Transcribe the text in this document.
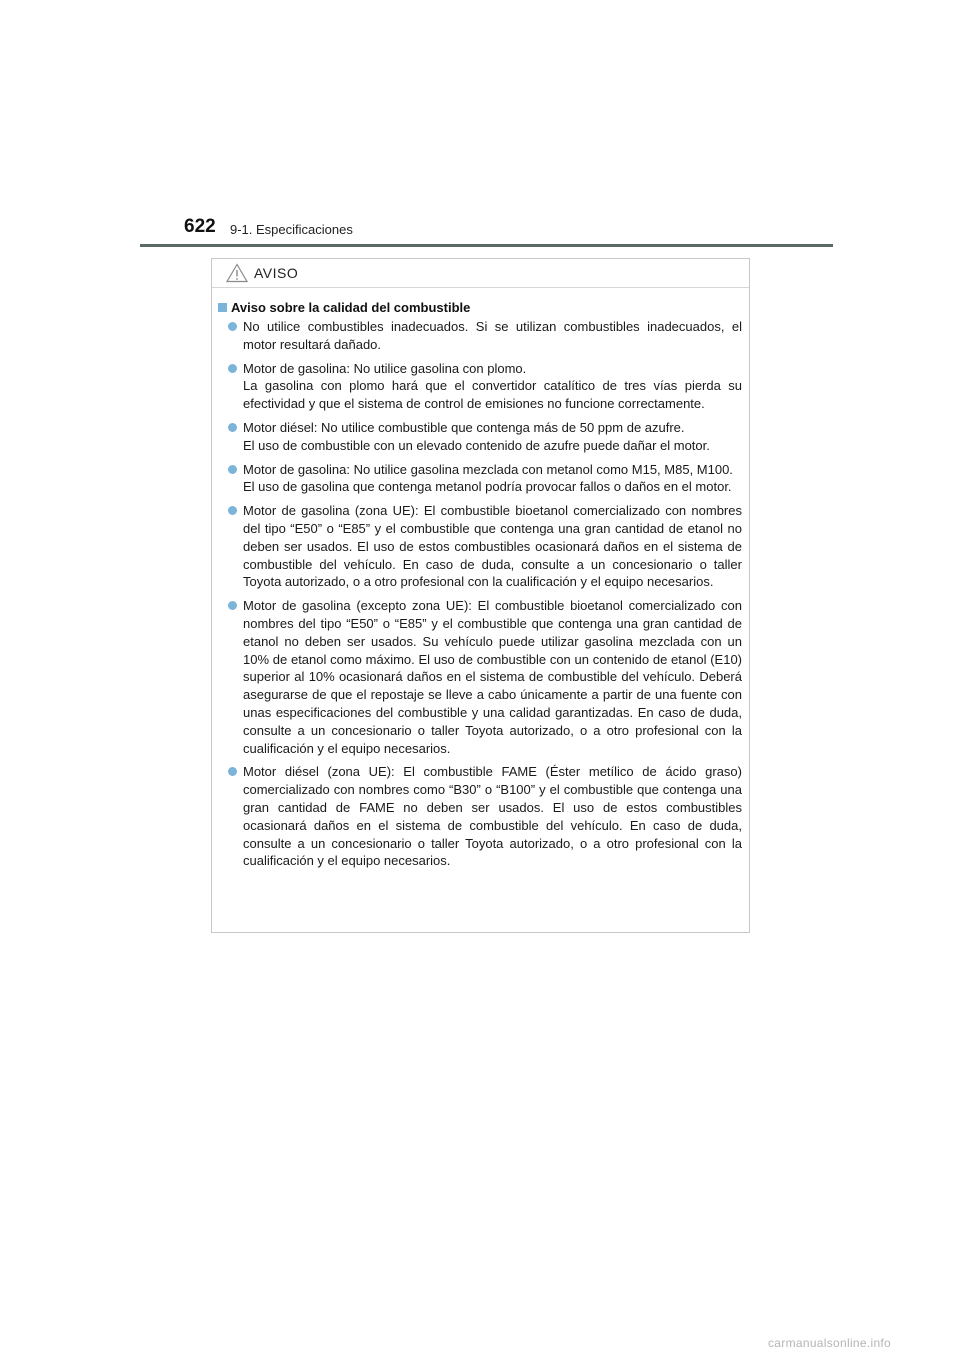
622 9-1. Especificaciones
AVISO
Aviso sobre la calidad del combustible

No utilice combustibles inadecuados. Si se utilizan combustibles inadecuados, el motor resultará dañado.

Motor de gasolina: No utilice gasolina con plomo.

La gasolina con plomo hará que el convertidor catalítico de tres vías pierda su efectividad y que el sistema de control de emisiones no funcione correctamente.

Motor diésel: No utilice combustible que contenga más de 50 ppm de azufre.

El uso de combustible con un elevado contenido de azufre puede dañar el motor.

Motor de gasolina: No utilice gasolina mezclada con metanol como M15, M85, M100.

El uso de gasolina que contenga metanol podría provocar fallos o daños en el motor.

Motor de gasolina (zona UE): El combustible bioetanol comercializado con nombres del tipo “E50” o “E85” y el combustible que contenga una gran cantidad de etanol no deben ser usados. El uso de estos combustibles ocasionará daños en el sistema de combustible del vehículo. En caso de duda, consulte a un concesionario o taller Toyota autorizado, o a otro profesional con la cualificación y el equipo necesarios.

Motor de gasolina (excepto zona UE): El combustible bioetanol comercializado con nombres del tipo “E50” o “E85” y el combustible que contenga una gran cantidad de etanol no deben ser usados. Su vehículo puede utilizar gasolina mezclada con un 10% de etanol como máximo. El uso de combustible con un contenido de etanol (E10) superior al 10% ocasionará daños en el sistema de combustible del vehículo. Deberá asegurarse de que el repostaje se lleve a cabo únicamente a partir de una fuente con unas especificaciones del combustible y una calidad garantizadas. En caso de duda, consulte a un concesionario o taller Toyota autorizado, o a otro profesional con la cualificación y el equipo necesarios.

Motor diésel (zona UE): El combustible FAME (Éster metílico de ácido graso) comercializado con nombres como “B30” o “B100” y el combustible que contenga una gran cantidad de FAME no deben ser usados. El uso de estos combustibles ocasionará daños en el sistema de combustible del vehículo. En caso de duda, consulte a un concesionario o taller Toyota autorizado, o a otro profesional con la cualificación y el equipo necesarios.

carmanualsonline.info
